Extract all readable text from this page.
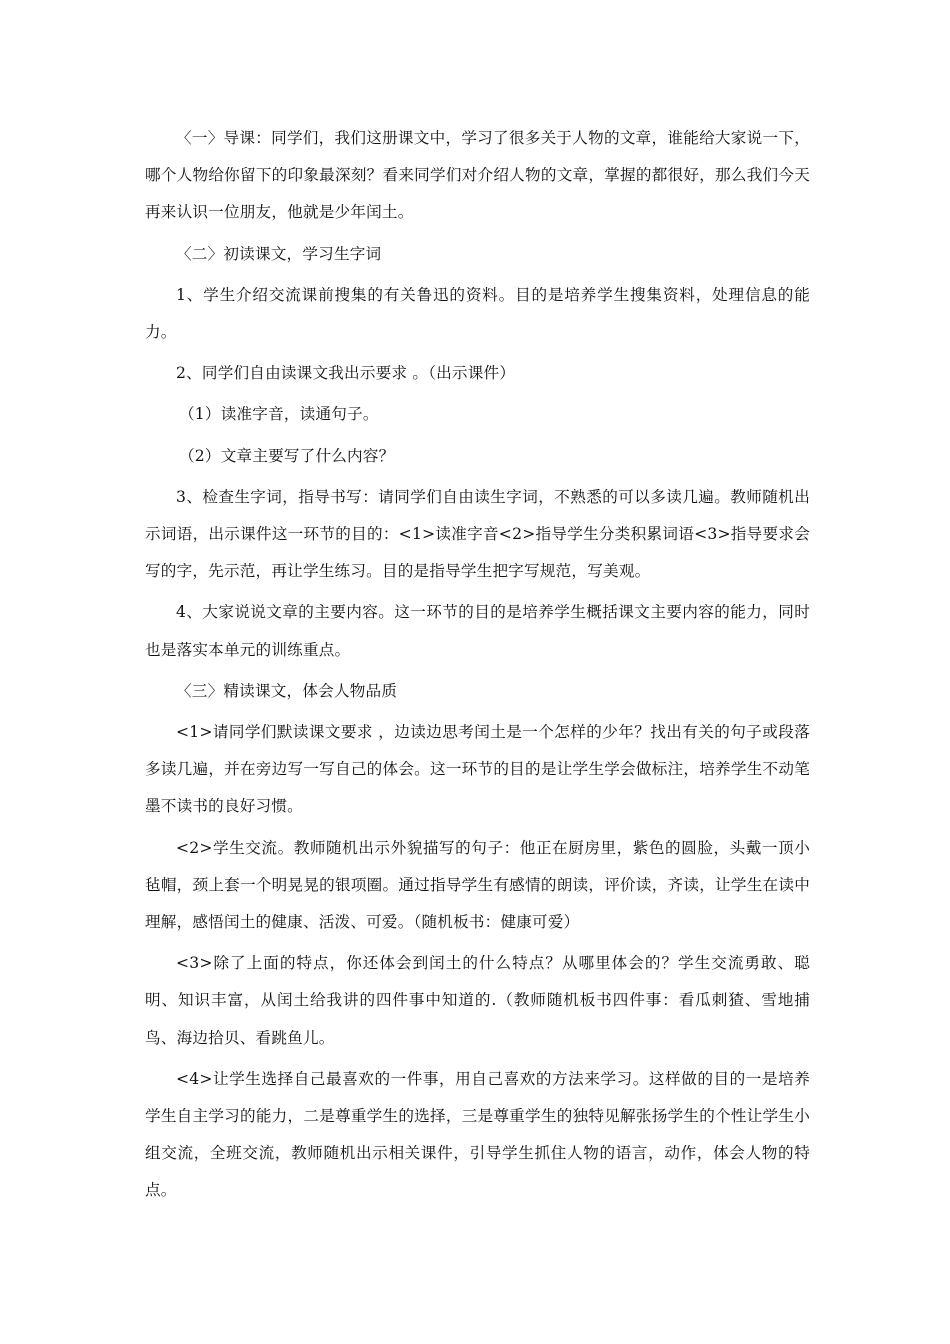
〈一〉导课：同学们，我们这册课文中，学习了很多关于人物的文章，谁能给大家说一下，哪个人物给你留下的印象最深刻？看来同学们对介绍人物的文章，掌握的都很好，那么我们今天再来认识一位朋友，他就是少年闰土。

〈二〉初读课文，学习生字词

1、学生介绍交流课前搜集的有关鲁迅的资料。目的是培养学生搜集资料，处理信息的能力。

2、同学们自由读课文我出示要求 。（出示课件）

（1）读准字音，读通句子。

（2）文章主要写了什么内容？

3、检查生字词，指导书写：请同学们自由读生字词，不熟悉的可以多读几遍。教师随机出示词语，出示课件这一环节的目的：<1>读准字音<2>指导学生分类积累词语<3>指导要求会写的字，先示范，再让学生练习。目的是指导学生把字写规范，写美观。

4、大家说说文章的主要内容。这一环节的目的是培养学生概括课文主要内容的能力，同时也是落实本单元的训练重点。

〈三〉精读课文，体会人物品质

<1>请同学们默读课文要求 ，边读边思考闰土是一个怎样的少年？找出有关的句子或段落多读几遍，并在旁边写一写自己的体会。这一环节的目的是让学生学会做标注，培养学生不动笔墨不读书的良好习惯。

<2>学生交流。教师随机出示外貌描写的句子：他正在厨房里，紫色的圆脸，头戴一顶小毡帽，颈上套一个明晃晃的银项圈。通过指导学生有感情的朗读，评价读，齐读，让学生在读中理解，感悟闰土的健康、活泼、可爱。（随机板书：健康可爱）

<3>除了上面的特点，你还体会到闰土的什么特点？从哪里体会的？学生交流勇敢、聪明、知识丰富，从闰土给我讲的四件事中知道的.（教师随机板书四件事：看瓜刺猹、雪地捕鸟、海边拾贝、看跳鱼儿。

<4>让学生选择自己最喜欢的一件事，用自己喜欢的方法来学习。这样做的目的一是培养学生自主学习的能力，二是尊重学生的选择，三是尊重学生的独特见解张扬学生的个性让学生小组交流，全班交流，教师随机出示相关课件，引导学生抓住人物的语言，动作，体会人物的特点。
